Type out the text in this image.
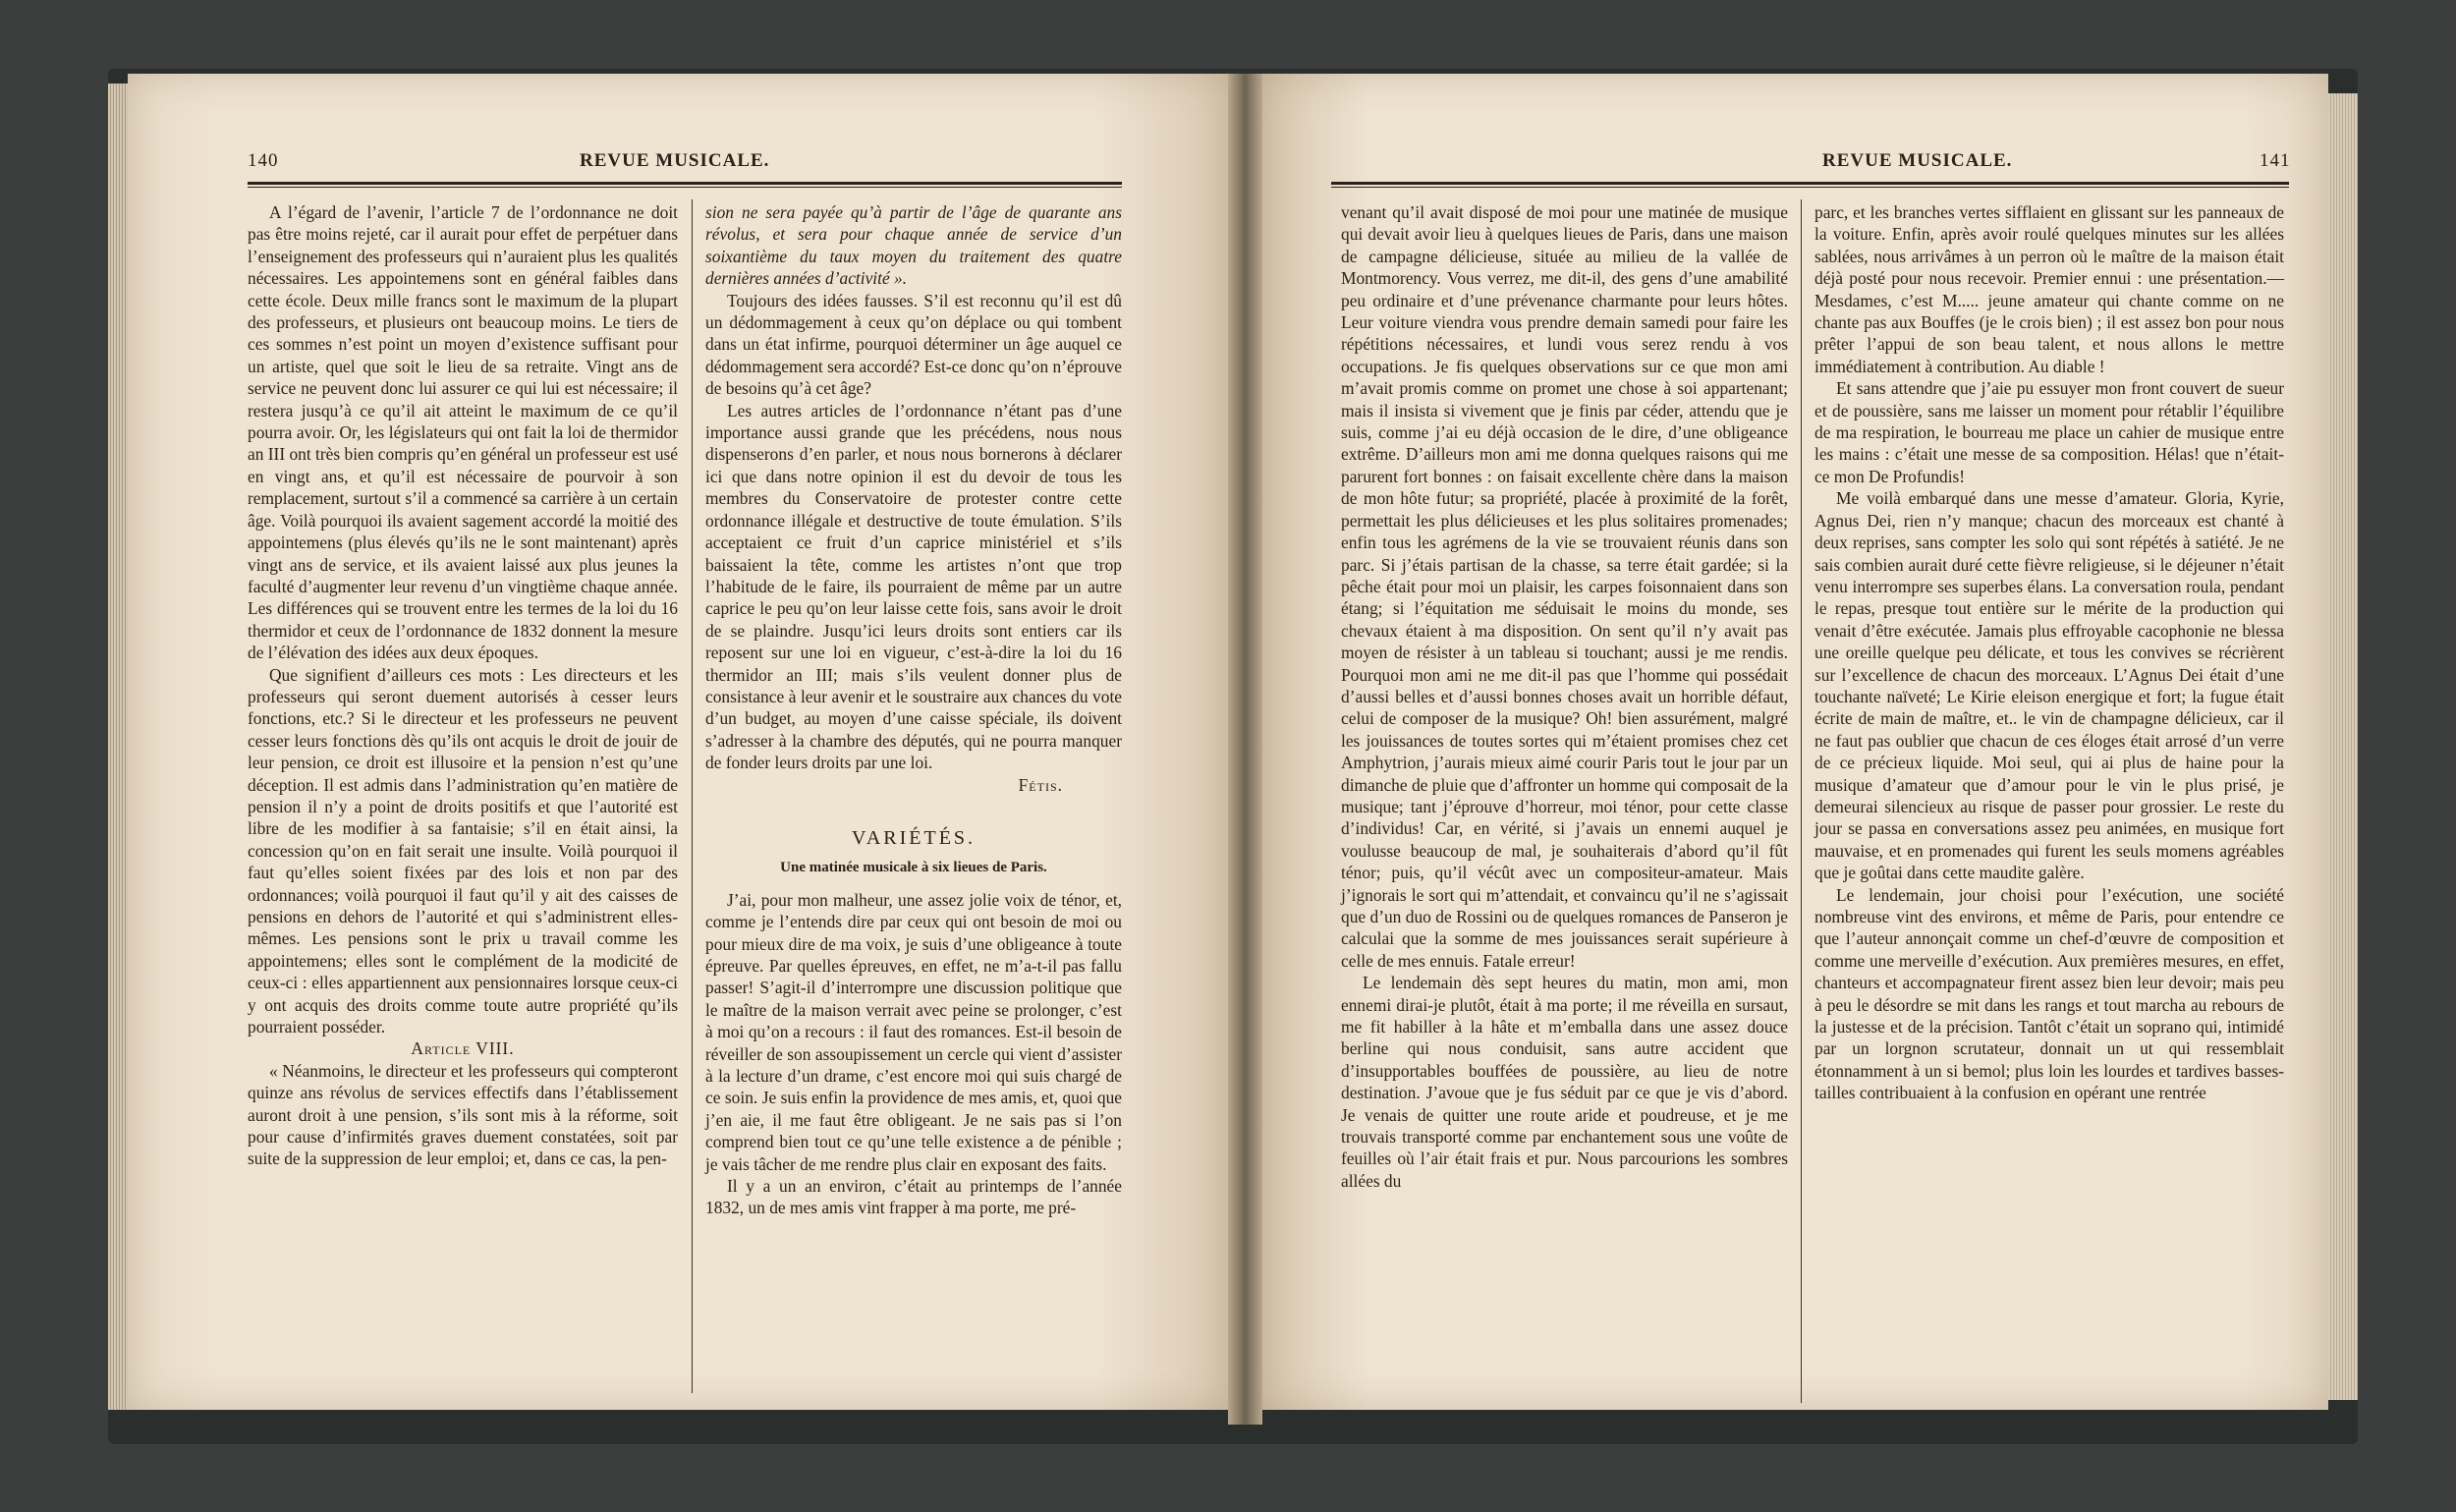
140	REVUE MUSICALE.

A l’égard de l’avenir, l’article 7 de l’ordonnance ne doit pas être moins rejeté, car il aurait pour effet de perpétuer dans l’enseignement des professeurs qui n’auraient plus les qualités nécessaires. Les appointemens sont en général faibles dans cette école. Deux mille francs sont le maximum de la plupart des professeurs, et plusieurs ont beaucoup moins. Le tiers de ces sommes n’est point un moyen d’existence suffisant pour un artiste, quel que soit le lieu de sa retraite. Vingt ans de service ne peuvent donc lui assurer ce qui lui est nécessaire; il restera jusqu’à ce qu’il ait atteint le maximum de ce qu’il pourra avoir. Or, les législateurs qui ont fait la loi de thermidor an III ont très bien compris qu’en général un professeur est usé en vingt ans, et qu’il est nécessaire de pourvoir à son remplacement, surtout s’il a commencé sa carrière à un certain âge. Voilà pourquoi ils avaient sagement accordé la moitié des appointemens (plus élevés qu’ils ne le sont maintenant) après vingt ans de service, et ils avaient laissé aux plus jeunes la faculté d’augmenter leur revenu d’un vingtième chaque année. Les différences qui se trouvent entre les termes de la loi du 16 thermidor et ceux de l’ordonnance de 1832 donnent la mesure de l’élévation des idées aux deux époques.

Que signifient d’ailleurs ces mots : Les directeurs et les professeurs qui seront duement autorisés à cesser leurs fonctions, etc.? Si le directeur et les professeurs ne peuvent cesser leurs fonctions dès qu’ils ont acquis le droit de jouir de leur pension, ce droit est illusoire et la pension n’est qu’une déception. Il est admis dans l’administration qu’en matière de pension il n’y a point de droits positifs et que l’autorité est libre de les modifier à sa fantaisie; s’il en était ainsi, la concession qu’on en fait serait une insulte. Voilà pourquoi il faut qu’elles soient fixées par des lois et non par des ordonnances; voilà pourquoi il faut qu’il y ait des caisses de pensions en dehors de l’autorité et qui s’administrent elles-mêmes. Les pensions sont le prix u travail comme les appointemens; elles sont le complément de la modicité de ceux-ci : elles appartiennent aux pensionnaires lorsque ceux-ci y ont acquis des droits comme toute autre propriété qu’ils pourraient posséder.

Article VIII.

« Néanmoins, le directeur et les professeurs qui compteront quinze ans révolus de services effectifs dans l’établissement auront droit à une pension, s’ils sont mis à la réforme, soit pour cause d’infirmités graves duement constatées, soit par suite de la suppression de leur emploi; et, dans ce cas, la pen-

sion ne sera payée qu’à partir de l’âge de quarante ans révolus, et sera pour chaque année de service d’un soixantième du taux moyen du traitement des quatre dernières années d’activité ».

Toujours des idées fausses. S’il est reconnu qu’il est dû un dédommagement à ceux qu’on déplace ou qui tombent dans un état infirme, pourquoi déterminer un âge auquel ce dédommagement sera accordé? Est-ce donc qu’on n’éprouve de besoins qu’à cet âge?

Les autres articles de l’ordonnance n’étant pas d’une importance aussi grande que les précédens, nous nous dispenserons d’en parler, et nous nous bornerons à déclarer ici que dans notre opinion il est du devoir de tous les membres du Conservatoire de protester contre cette ordonnance illégale et destructive de toute émulation. S’ils acceptaient ce fruit d’un caprice ministériel et s’ils baissaient la tête, comme les artistes n’ont que trop l’habitude de le faire, ils pourraient de même par un autre caprice le peu qu’on leur laisse cette fois, sans avoir le droit de se plaindre. Jusqu’ici leurs droits sont entiers car ils reposent sur une loi en vigueur, c’est-à-dire la loi du 16 thermidor an III; mais s’ils veulent donner plus de consistance à leur avenir et le soustraire aux chances du vote d’un budget, au moyen d’une caisse spéciale, ils doivent s’adresser à la chambre des députés, qui ne pourra manquer de fonder leurs droits par une loi.

Fétis.

VARIÉTÉS.

Une matinée musicale à six lieues de Paris.

J’ai, pour mon malheur, une assez jolie voix de ténor, et, comme je l’entends dire par ceux qui ont besoin de moi ou pour mieux dire de ma voix, je suis d’une obligeance à toute épreuve. Par quelles épreuves, en effet, ne m’a-t-il pas fallu passer! S’agit-il d’interrompre une discussion politique que le maître de la maison verrait avec peine se prolonger, c’est à moi qu’on a recours : il faut des romances. Est-il besoin de réveiller de son assoupissement un cercle qui vient d’assister à la lecture d’un drame, c’est encore moi qui suis chargé de ce soin. Je suis enfin la providence de mes amis, et, quoi que j’en aie, il me faut être obligeant. Je ne sais pas si l’on comprend bien tout ce qu’une telle existence a de pénible ; je vais tâcher de me rendre plus clair en exposant des faits.

Il y a un an environ, c’était au printemps de l’année 1832, un de mes amis vint frapper à ma porte, me pré-

REVUE MUSICALE.	141

venant qu’il avait disposé de moi pour une matinée de musique qui devait avoir lieu à quelques lieues de Paris, dans une maison de campagne délicieuse, située au milieu de la vallée de Montmorency. Vous verrez, me dit-il, des gens d’une amabilité peu ordinaire et d’une prévenance charmante pour leurs hôtes. Leur voiture viendra vous prendre demain samedi pour faire les répétitions nécessaires, et lundi vous serez rendu à vos occupations. Je fis quelques observations sur ce que mon ami m’avait promis comme on promet une chose à soi appartenant; mais il insista si vivement que je finis par céder, attendu que je suis, comme j’ai eu déjà occasion de le dire, d’une obligeance extrême. D’ailleurs mon ami me donna quelques raisons qui me parurent fort bonnes : on faisait excellente chère dans la maison de mon hôte futur; sa propriété, placée à proximité de la forêt, permettait les plus délicieuses et les plus solitaires promenades; enfin tous les agrémens de la vie se trouvaient réunis dans son parc. Si j’étais partisan de la chasse, sa terre était gardée; si la pêche était pour moi un plaisir, les carpes foisonnaient dans son étang; si l’équitation me séduisait le moins du monde, ses chevaux étaient à ma disposition. On sent qu’il n’y avait pas moyen de résister à un tableau si touchant; aussi je me rendis. Pourquoi mon ami ne me dit-il pas que l’homme qui possédait d’aussi belles et d’aussi bonnes choses avait un horrible défaut, celui de composer de la musique? Oh! bien assurément, malgré les jouissances de toutes sortes qui m’étaient promises chez cet Amphytrion, j’aurais mieux aimé courir Paris tout le jour par un dimanche de pluie que d’affronter un homme qui composait de la musique; tant j’éprouve d’horreur, moi ténor, pour cette classe d’individus! Car, en vérité, si j’avais un ennemi auquel je voulusse beaucoup de mal, je souhaiterais d’abord qu’il fût ténor; puis, qu’il vécût avec un compositeur-amateur. Mais j’ignorais le sort qui m’attendait, et convaincu qu’il ne s’agissait que d’un duo de Rossini ou de quelques romances de Panseron je calculai que la somme de mes jouissances serait supérieure à celle de mes ennuis. Fatale erreur!

Le lendemain dès sept heures du matin, mon ami, mon ennemi dirai-je plutôt, était à ma porte; il me réveilla en sursaut, me fit habiller à la hâte et m’emballa dans une assez douce berline qui nous conduisit, sans autre accident que d’insupportables bouffées de poussière, au lieu de notre destination. J’avoue que je fus séduit par ce que je vis d’abord. Je venais de quitter une route aride et poudreuse, et je me trouvais transporté comme par enchantement sous une voûte de feuilles où l’air était frais et pur. Nous parcourions les sombres allées du

parc, et les branches vertes sifflaient en glissant sur les panneaux de la voiture. Enfin, après avoir roulé quelques minutes sur les allées sablées, nous arrivâmes à un perron où le maître de la maison était déjà posté pour nous recevoir. Premier ennui : une présentation.— Mesdames, c’est M..... jeune amateur qui chante comme on ne chante pas aux Bouffes (je le crois bien) ; il est assez bon pour nous prêter l’appui de son beau talent, et nous allons le mettre immédiatement à contribution. Au diable !

Et sans attendre que j’aie pu essuyer mon front couvert de sueur et de poussière, sans me laisser un moment pour rétablir l’équilibre de ma respiration, le bourreau me place un cahier de musique entre les mains : c’était une messe de sa composition. Hélas! que n’était-ce mon De Profundis!

Me voilà embarqué dans une messe d’amateur. Gloria, Kyrie, Agnus Dei, rien n’y manque; chacun des morceaux est chanté à deux reprises, sans compter les solo qui sont répétés à satiété. Je ne sais combien aurait duré cette fièvre religieuse, si le déjeuner n’était venu interrompre ses superbes élans. La conversation roula, pendant le repas, presque tout entière sur le mérite de la production qui venait d’être exécutée. Jamais plus effroyable cacophonie ne blessa une oreille quelque peu délicate, et tous les convives se récrièrent sur l’excellence de chacun des morceaux. L’Agnus Dei était d’une touchante naïveté; Le Kirie eleison energique et fort; la fugue était écrite de main de maître, et.. le vin de champagne délicieux, car il ne faut pas oublier que chacun de ces éloges était arrosé d’un verre de ce précieux liquide. Moi seul, qui ai plus de haine pour la musique d’amateur que d’amour pour le vin le plus prisé, je demeurai silencieux au risque de passer pour grossier. Le reste du jour se passa en conversations assez peu animées, en musique fort mauvaise, et en promenades qui furent les seuls momens agréables que je goûtai dans cette maudite galère.

Le lendemain, jour choisi pour l’exécution, une société nombreuse vint des environs, et même de Paris, pour entendre ce que l’auteur annonçait comme un chef-d’œuvre de composition et comme une merveille d’exécution. Aux premières mesures, en effet, chanteurs et accompagnateur firent assez bien leur devoir; mais peu à peu le désordre se mit dans les rangs et tout marcha au rebours de la justesse et de la précision. Tantôt c’était un soprano qui, intimidé par un lorgnon scrutateur, donnait un ut qui ressemblait étonnamment à un si bemol; plus loin les lourdes et tardives basses-tailles contribuaient à la confusion en opérant une rentrée
